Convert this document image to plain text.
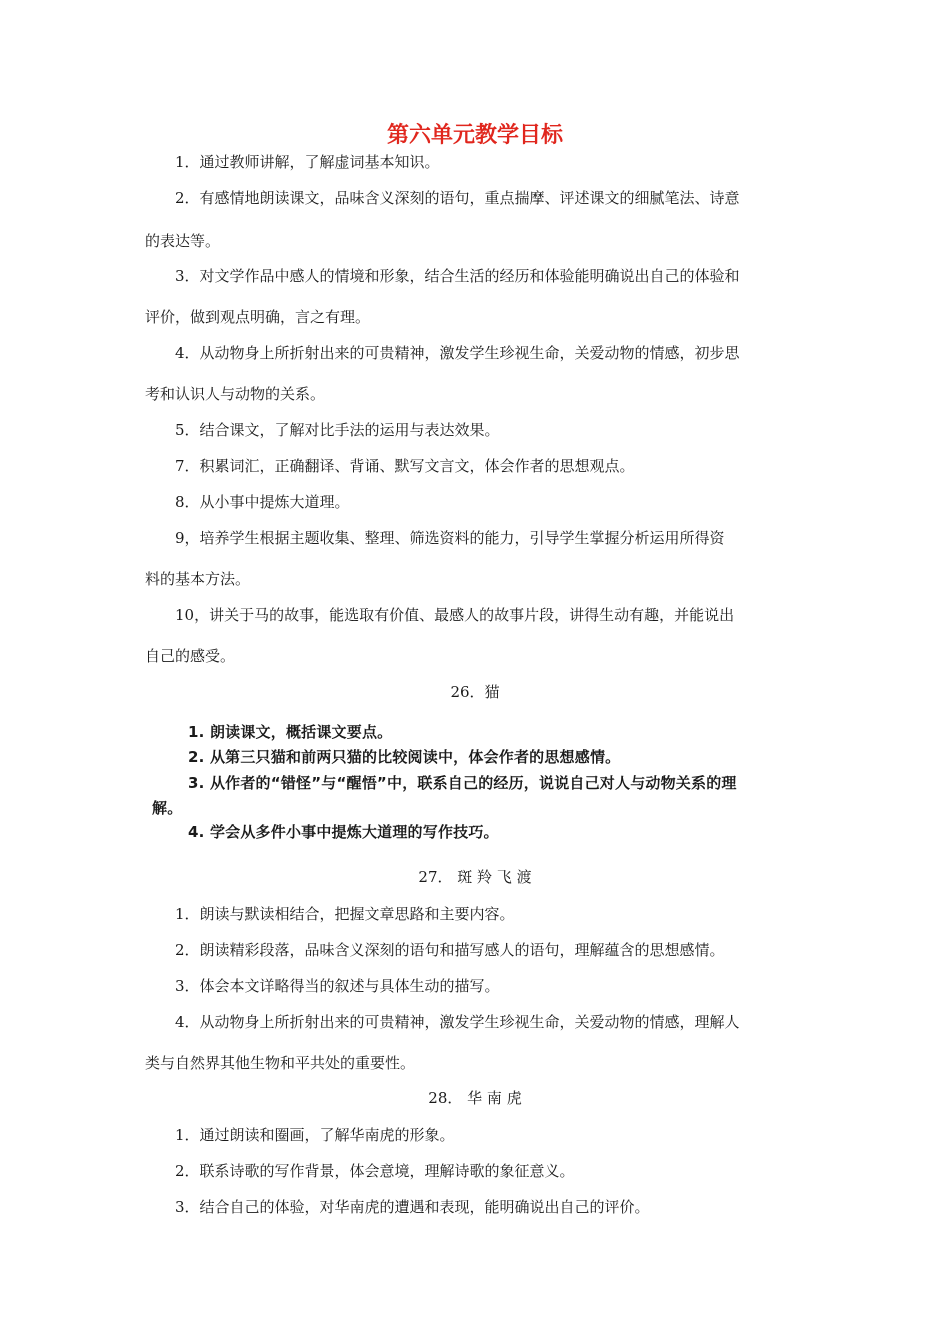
第六单元教学目标
1．通过教师讲解，了解虚词基本知识。
2．有感情地朗读课文，品味含义深刻的语句，重点揣摩、评述课文的细腻笔法、诗意
的表达等。
3．对文学作品中感人的情境和形象，结合生活的经历和体验能明确说出自己的体验和
评价，做到观点明确，言之有理。
4．从动物身上所折射出来的可贵精神，激发学生珍视生命，关爱动物的情感，初步思
考和认识人与动物的关系。
5．结合课文，了解对比手法的运用与表达效果。
7．积累词汇，正确翻译、背诵、默写文言文，体会作者的思想观点。
8．从小事中提炼大道理。
9，培养学生根据主题收集、整理、筛选资料的能力，引导学生掌握分析运用所得资
料的基本方法。
10，讲关于马的故事，能选取有价值、最感人的故事片段，讲得生动有趣，并能说出
自己的感受。
26．猫
1. 朗读课文，概括课文要点。
2. 从第三只猫和前两只猫的比较阅读中，体会作者的思想感情。
3. 从作者的“错怪”与“醒悟”中，联系自己的经历，说说自己对人与动物关系的理
解。
4. 学会从多件小事中提炼大道理的写作技巧。
27． 斑 羚 飞 渡
1．朗读与默读相结合，把握文章思路和主要内容。
2．朗读精彩段落，品味含义深刻的语句和描写感人的语句，理解蕴含的思想感情。
3．体会本文详略得当的叙述与具体生动的描写。
4．从动物身上所折射出来的可贵精神，激发学生珍视生命，关爱动物的情感，理解人
类与自然界其他生物和平共处的重要性。
28． 华 南 虎
1．通过朗读和圈画，了解华南虎的形象。
2．联系诗歌的写作背景，体会意境，理解诗歌的象征意义。
3．结合自己的体验，对华南虎的遭遇和表现，能明确说出自己的评价。
